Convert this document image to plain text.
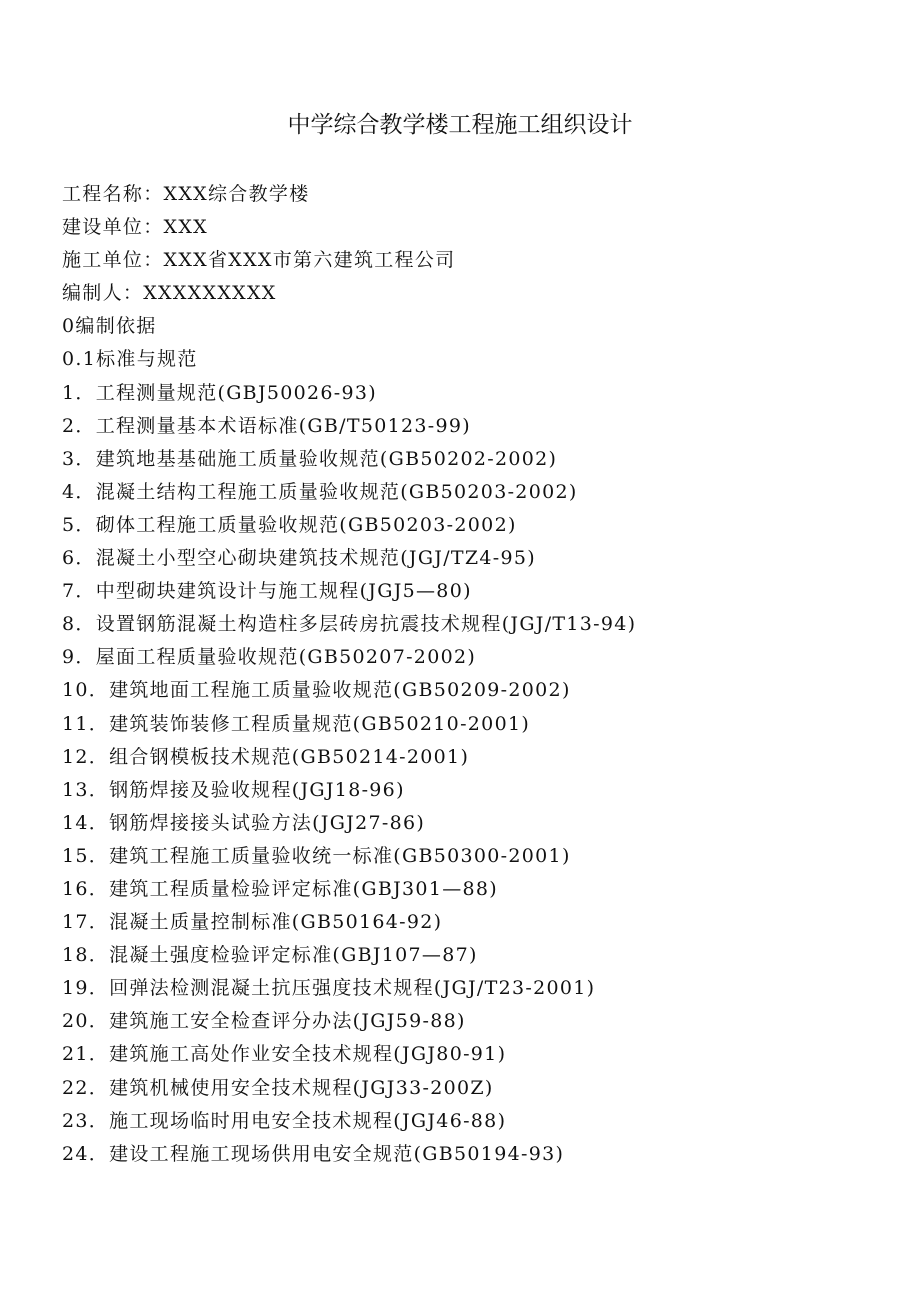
中学综合教学楼工程施工组织设计
工程名称：XXX综合教学楼
建设单位：XXX
施工单位：XXX省XXX市第六建筑工程公司
编制人：XXXXXXXXX
0编制依据
0.1标准与规范
1．工程测量规范(GBJ50026-93)
2．工程测量基本术语标准(GB/T50123-99)
3．建筑地基基础施工质量验收规范(GB50202-2002)
4．混凝土结构工程施工质量验收规范(GB50203-2002)
5．砌体工程施工质量验收规范(GB50203-2002)
6．混凝土小型空心砌块建筑技术规范(JGJ/TZ4-95)
7．中型砌块建筑设计与施工规程(JGJ5—80)
8．设置钢筋混凝土构造柱多层砖房抗震技术规程(JGJ/T13-94)
9．屋面工程质量验收规范(GB50207-2002)
10．建筑地面工程施工质量验收规范(GB50209-2002)
11．建筑装饰装修工程质量规范(GB50210-2001)
12．组合钢模板技术规范(GB50214-2001)
13．钢筋焊接及验收规程(JGJ18-96)
14．钢筋焊接接头试验方法(JGJ27-86)
15．建筑工程施工质量验收统一标准(GB50300-2001)
16．建筑工程质量检验评定标准(GBJ301—88)
17．混凝土质量控制标准(GB50164-92)
18．混凝土强度检验评定标准(GBJ107—87)
19．回弹法检测混凝土抗压强度技术规程(JGJ/T23-2001)
20．建筑施工安全检查评分办法(JGJ59-88)
21．建筑施工高处作业安全技术规程(JGJ80-91)
22．建筑机械使用安全技术规程(JGJ33-200Z)
23．施工现场临时用电安全技术规程(JGJ46-88)
24．建设工程施工现场供用电安全规范(GB50194-93)
